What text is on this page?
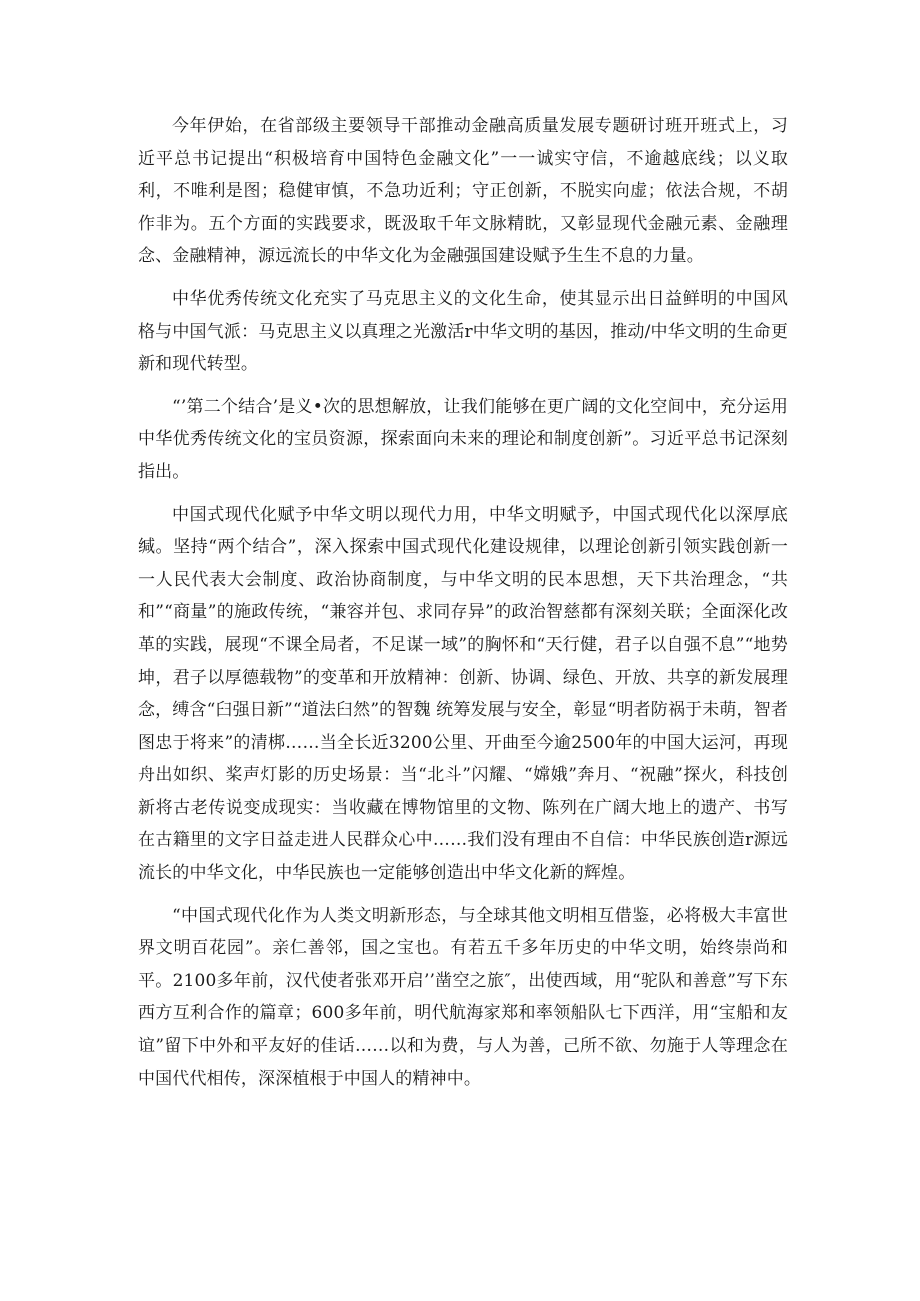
今年伊始，在省部级主要领导干部推动金融高质量发展专题研讨班开班式上，习近平总书记提出“积极培育中国特色金融文化”一一诚实守信，不逾越底线；以义取利，不唯利是图；稳健审慎，不急功近利；守正创新，不脱实向虚；依法合规，不胡作非为。五个方面的实践要求，既汲取千年文脉精眈，又彰显现代金融元素、金融理念、金融精神，源远流长的中华文化为金融强国建设赋予生生不息的力量。

中华优秀传统文化充实了马克思主义的文化生命，使其显示出日益鲜明的中国风格与中国气派：马克思主义以真理之光激活r中华文明的基因，推动/中华文明的生命更新和现代转型。

“’第二个结合’是义•次的思想解放，让我们能够在更广阔的文化空间中，充分运用中华优秀传统文化的宝员资源，探索面向未来的理论和制度创新”。习近平总书记深刻指出。

中国式现代化赋予中华文明以现代力用，中华文明赋予，中国式现代化以深厚底缄。坚持“两个结合”，深入探索中国式现代化建设规律，以理论创新引领实践创新一一人民代表大会制度、政治协商制度，与中华文明的民本思想，天下共治理念，“共和”“商量”的施政传统，“兼容并包、求同存异”的政治智慈都有深刻关联；全面深化改革的实践，展现“不课全局者，不足谋一域”的胸怀和“天行健，君子以自强不息”“地势坤，君子以厚德载物”的变革和开放精神：创新、协调、绿色、开放、共享的新发展理念，缚含“臼强日新”“道法臼然”的智魏 统筹发展与安全，彰显“明者防祸于未萌，智者图忠于将来”的清梆……当全长近3200公里、开曲至今逾2500年的中国大运河，再现舟出如织、桨声灯影的历史场景：当“北斗”闪耀、“嫦娥”奔月、“祝融”探火，科技创新将古老传说变成现实：当收藏在博物馆里的文物、陈列在广阔大地上的遗产、书写在古籍里的文字日益走进人民群众心中……我们没有理由不自信：中华民族创造r源远流长的中华文化，中华民族也一定能够创造出中华文化新的辉煌。

“中国式现代化作为人类文明新形态，与全球其他文明相互借鉴，必将极大丰富世界文明百花园”。亲仁善邻，国之宝也。有若五千多年历史的中华文明，始终崇尚和平。2100多年前，汉代使者张邓开启’’凿空之旅″，出使西域，用“驼队和善意”写下东西方互利合作的篇章；600多年前，明代航海家郑和率领船队七下西洋，用“宝船和友谊”留下中外和平友好的佳话……以和为费，与人为善，己所不欲、勿施于人等理念在中国代代相传，深深植根于中国人的精神中。
